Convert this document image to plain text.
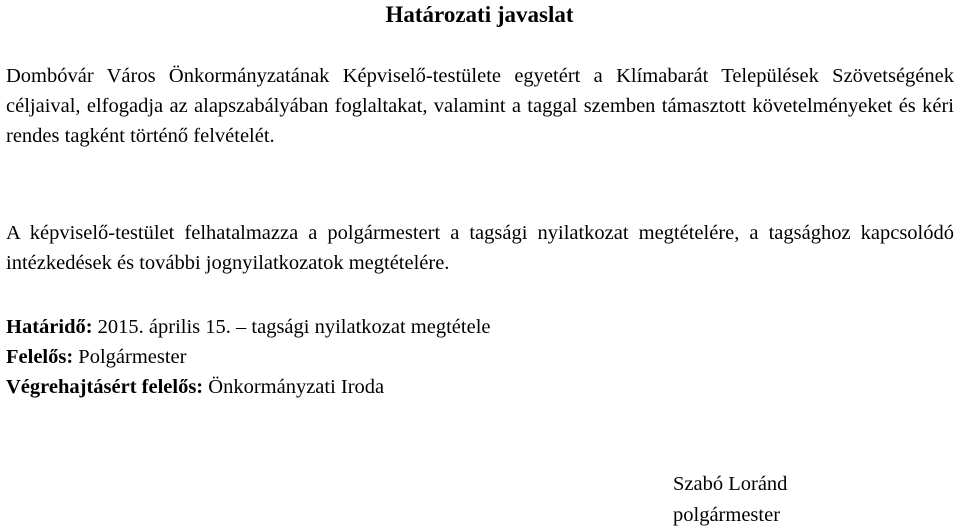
Határozati javaslat

Dombóvár Város Önkormányzatának Képviselő-testülete egyetért a Klímabarát Települések Szövetségének céljaival, elfogadja az alapszabályában foglaltakat, valamint a taggal szemben támasztott követelményeket és kéri rendes tagként történő felvételét.

A képviselő-testület felhatalmazza a polgármestert a tagsági nyilatkozat megtételére, a tagsághoz kapcsolódó intézkedések és további jognyilatkozatok megtételére.

Határidő: 2015. április 15. – tagsági nyilatkozat megtétele
Felelős: Polgármester
Végrehajtásért felelős: Önkormányzati Iroda
Szabó Loránd
polgármester
